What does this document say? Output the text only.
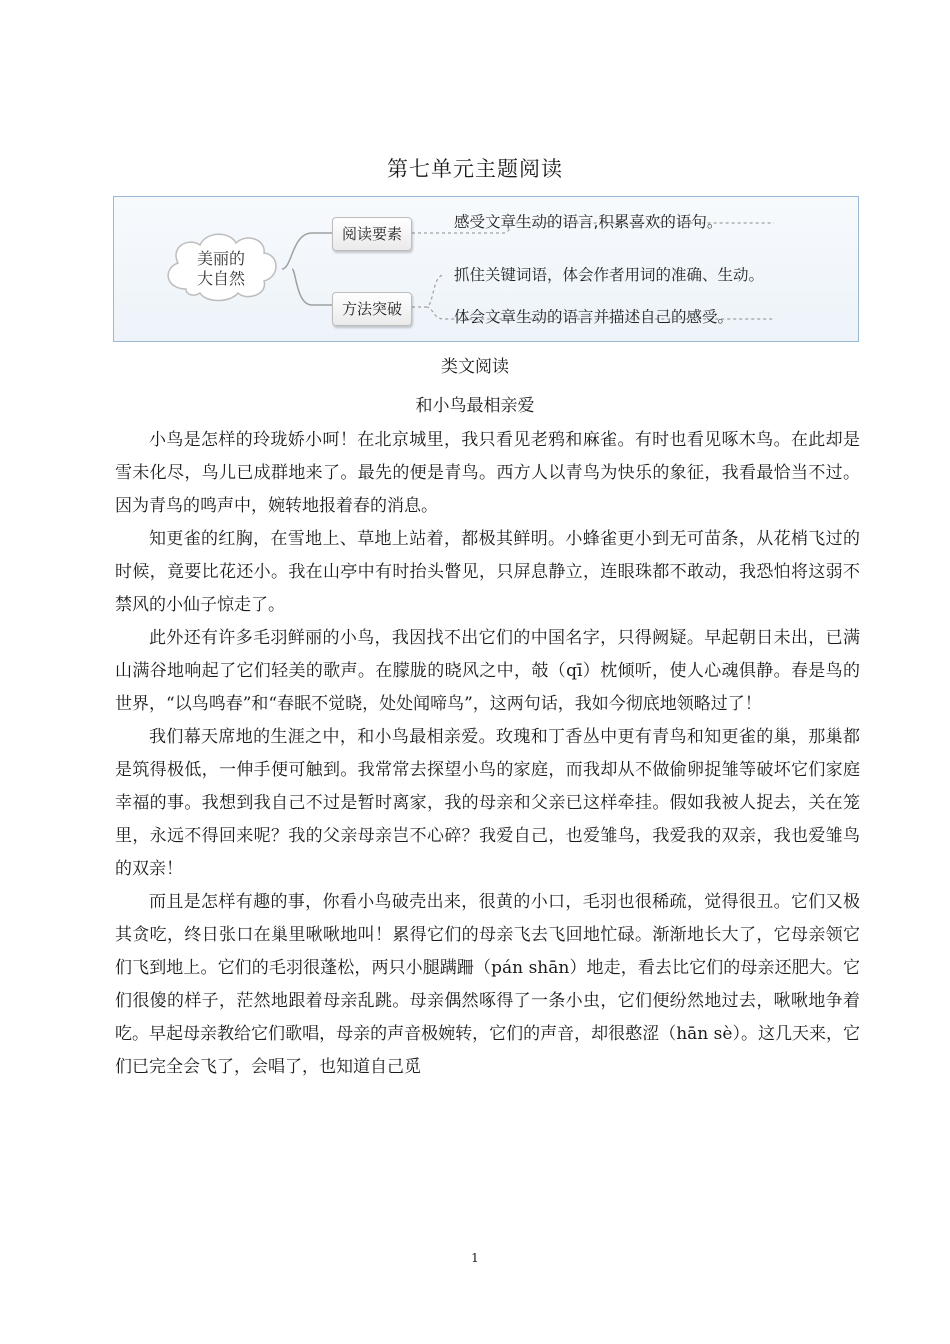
第七单元主题阅读
美丽的
大自然
阅读要素
方法突破
感受文章生动的语言,积累喜欢的语句。
抓住关键词语，体会作者用词的准确、生动。
体会文章生动的语言并描述自己的感受。
类文阅读
和小鸟最相亲爱

小鸟是怎样的玲珑娇小呵！在北京城里，我只看见老鸦和麻雀。有时也看见啄木鸟。在此却是雪未化尽，鸟儿已成群地来了。最先的便是青鸟。西方人以青鸟为快乐的象征，我看最恰当不过。因为青鸟的鸣声中，婉转地报着春的消息。

知更雀的红胸，在雪地上、草地上站着，都极其鲜明。小蜂雀更小到无可苗条，从花梢飞过的时候，竟要比花还小。我在山亭中有时抬头瞥见，只屏息静立，连眼珠都不敢动，我恐怕将这弱不禁风的小仙子惊走了。

此外还有许多毛羽鲜丽的小鸟，我因找不出它们的中国名字，只得阙疑。早起朝日未出，已满山满谷地响起了它们轻美的歌声。在朦胧的晓风之中，攲（qī）枕倾听，使人心魂俱静。春是鸟的世界，“以鸟鸣春”和“春眠不觉晓，处处闻啼鸟”，这两句话，我如今彻底地领略过了！

我们幕天席地的生涯之中，和小鸟最相亲爱。玫瑰和丁香丛中更有青鸟和知更雀的巢，那巢都是筑得极低，一伸手便可触到。我常常去探望小鸟的家庭，而我却从不做偷卵捉雏等破坏它们家庭幸福的事。我想到我自己不过是暂时离家，我的母亲和父亲已这样牵挂。假如我被人捉去，关在笼里，永远不得回来呢？我的父亲母亲岂不心碎？我爱自己，也爱雏鸟，我爱我的双亲，我也爱雏鸟的双亲！

而且是怎样有趣的事，你看小鸟破壳出来，很黄的小口，毛羽也很稀疏，觉得很丑。它们又极其贪吃，终日张口在巢里啾啾地叫！累得它们的母亲飞去飞回地忙碌。渐渐地长大了，它母亲领它们飞到地上。它们的毛羽很蓬松，两只小腿蹒跚（pán shān）地走，看去比它们的母亲还肥大。它们很傻的样子，茫然地跟着母亲乱跳。母亲偶然啄得了一条小虫，它们便纷然地过去，啾啾地争着吃。早起母亲教给它们歌唱，母亲的声音极婉转，它们的声音，却很憨涩（hān sè）。这几天来，它们已完全会飞了，会唱了，也知道自己觅

1
